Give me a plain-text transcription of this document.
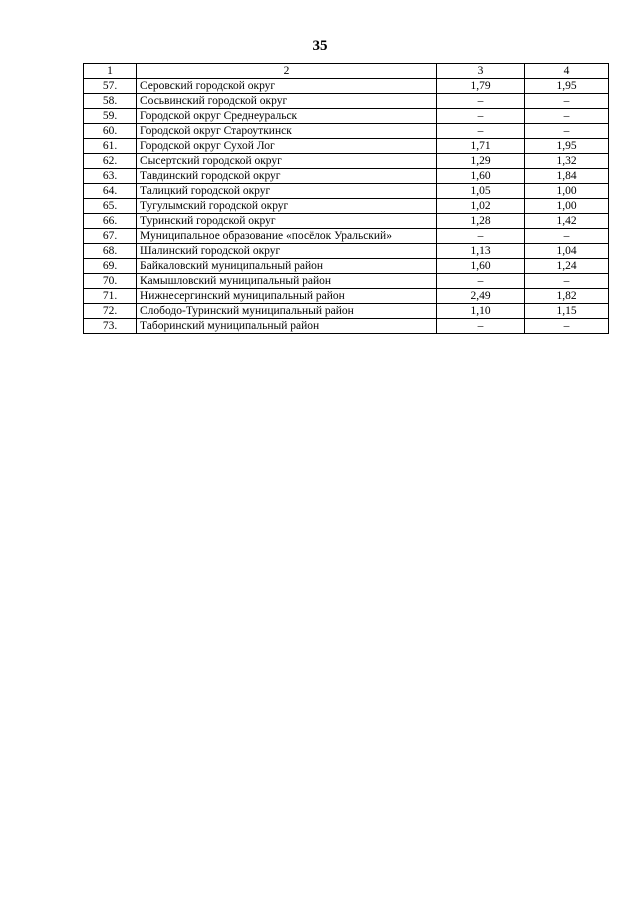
35
1	2	3	4
57.	Серовский городской округ	1,79	1,95
58.	Сосьвинский городской округ	–	–
59.	Городской округ Среднеуральск	–	–
60.	Городской округ Староуткинск	–	–
61.	Городской округ Сухой Лог	1,71	1,95
62.	Сысертский городской округ	1,29	1,32
63.	Тавдинский городской округ	1,60	1,84
64.	Талицкий городской округ	1,05	1,00
65.	Тугулымский городской округ	1,02	1,00
66.	Туринский городской округ	1,28	1,42
67.	Муниципальное образование «посёлок Уральский»	–	–
68.	Шалинский городской округ	1,13	1,04
69.	Байкаловский муниципальный район	1,60	1,24
70.	Камышловский муниципальный район	–	–
71.	Нижнесергинский муниципальный район	2,49	1,82
72.	Слободо-Туринский муниципальный район	1,10	1,15
73.	Таборинский муниципальный район	–	–
